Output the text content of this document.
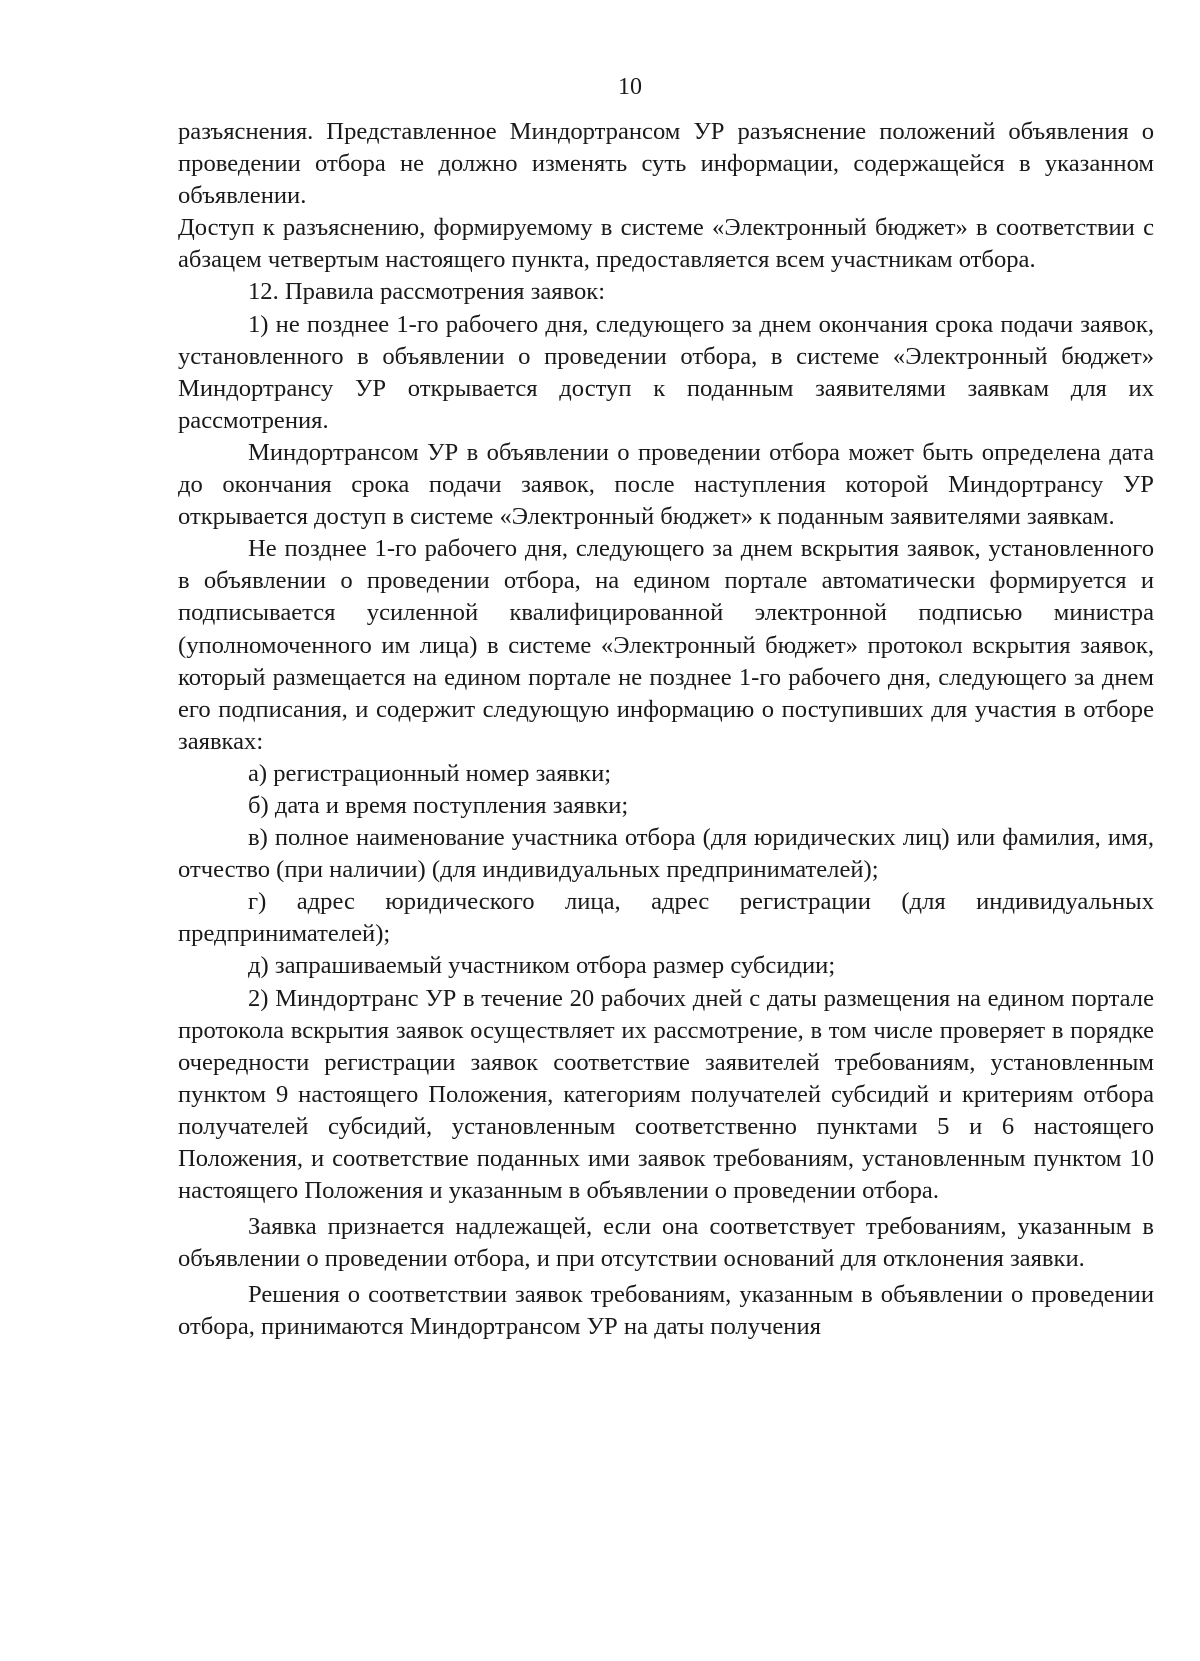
10

разъяснения. Представленное Миндортрансом УР разъяснение положений объявления о проведении отбора не должно изменять суть информации, содержащейся в указанном объявлении.

Доступ к разъяснению, формируемому в системе «Электронный бюджет» в соответствии с абзацем четвертым настоящего пункта, предоставляется всем участникам отбора.

12. Правила рассмотрения заявок:

1) не позднее 1-го рабочего дня, следующего за днем окончания срока подачи заявок, установленного в объявлении о проведении отбора, в системе «Электронный бюджет» Миндортрансу УР открывается доступ к поданным заявителями заявкам для их рассмотрения.

Миндортрансом УР в объявлении о проведении отбора может быть определена дата до окончания срока подачи заявок, после наступления которой Миндортрансу УР открывается доступ в системе «Электронный бюджет» к поданным заявителями заявкам.

Не позднее 1-го рабочего дня, следующего за днем вскрытия заявок, установленного в объявлении о проведении отбора, на едином портале автоматически формируется и подписывается усиленной квалифицированной электронной подписью министра (уполномоченного им лица) в системе «Электронный бюджет» протокол вскрытия заявок, который размещается на едином портале не позднее 1-го рабочего дня, следующего за днем его подписания, и содержит следующую информацию о поступивших для участия в отборе заявках:

а) регистрационный номер заявки;

б) дата и время поступления заявки;

в) полное наименование участника отбора (для юридических лиц) или фамилия, имя, отчество (при наличии) (для индивидуальных предпринимателей);

г) адрес юридического лица, адрес регистрации (для индивидуальных предпринимателей);

д) запрашиваемый участником отбора размер субсидии;

2) Миндортранс УР в течение 20 рабочих дней с даты размещения на едином портале протокола вскрытия заявок осуществляет их рассмотрение, в том числе проверяет в порядке очередности регистрации заявок соответствие заявителей требованиям, установленным пунктом 9 настоящего Положения, категориям получателей субсидий и критериям отбора получателей субсидий, установленным соответственно пунктами 5 и 6 настоящего Положения, и соответствие поданных ими заявок требованиям, установленным пунктом 10 настоящего Положения и указанным в объявлении о проведении отбора.

Заявка признается надлежащей, если она соответствует требованиям, указанным в объявлении о проведении отбора, и при отсутствии оснований для отклонения заявки.

Решения о соответствии заявок требованиям, указанным в объявлении о проведении отбора, принимаются Миндортрансом УР на даты получения
